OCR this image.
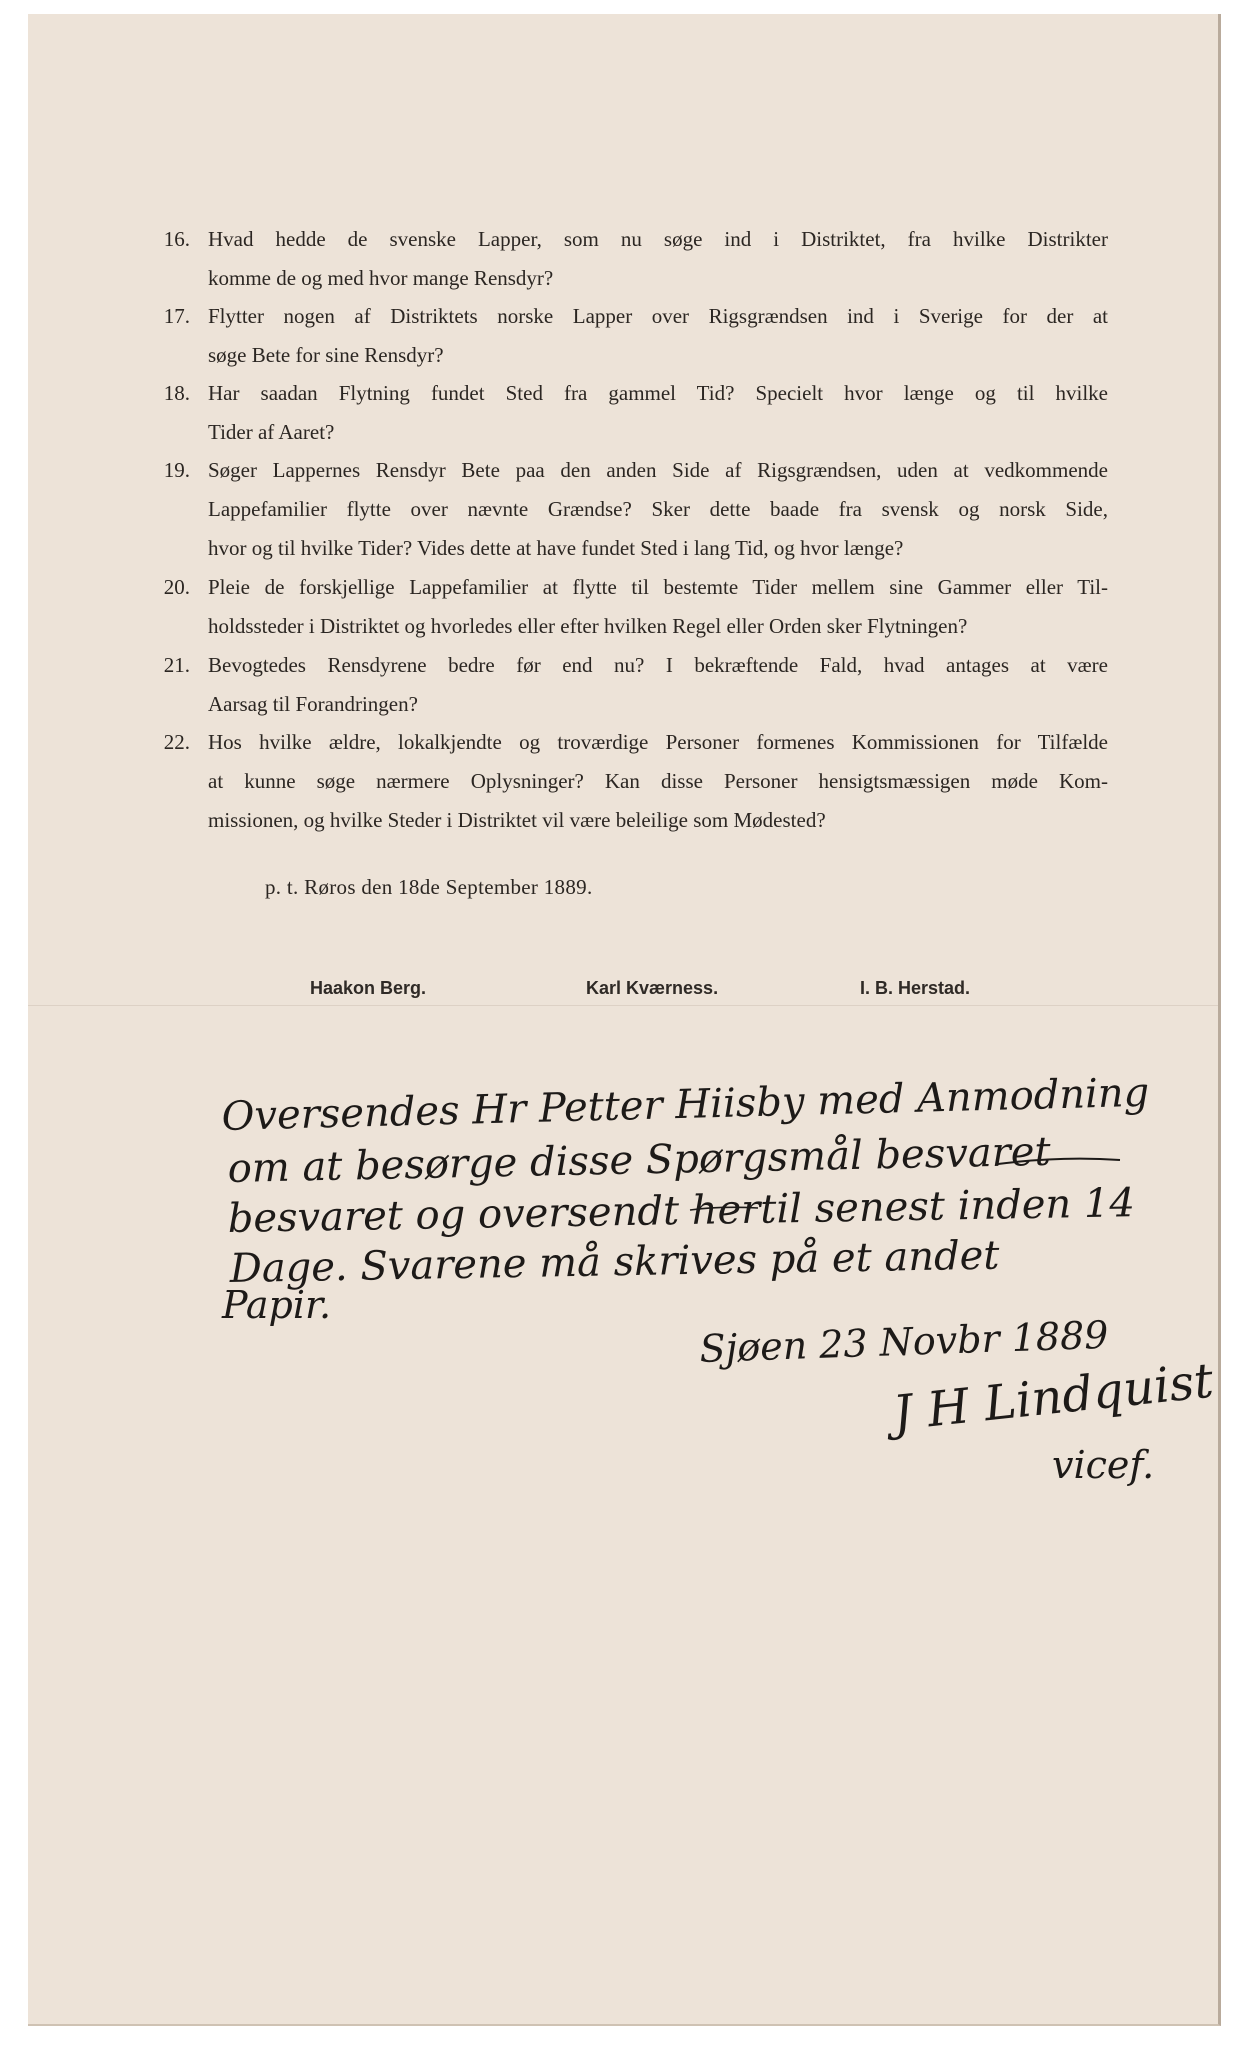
16. Hvad hedde de svenske Lapper, som nu søge ind i Distriktet, fra hvilke Distrikter
komme de og med hvor mange Rensdyr?
17. Flytter nogen af Distriktets norske Lapper over Rigsgrændsen ind i Sverige for der at
søge Bete for sine Rensdyr?
18. Har saadan Flytning fundet Sted fra gammel Tid? Specielt hvor længe og til hvilke
Tider af Aaret?
19. Søger Lappernes Rensdyr Bete paa den anden Side af Rigsgrændsen, uden at vedkommende
Lappefamilier flytte over nævnte Grændse? Sker dette baade fra svensk og norsk Side,
hvor og til hvilke Tider? Vides dette at have fundet Sted i lang Tid, og hvor længe?
20. Pleie de forskjellige Lappefamilier at flytte til bestemte Tider mellem sine Gammer eller Til-
holdssteder i Distriktet og hvorledes eller efter hvilken Regel eller Orden sker Flytningen?
21. Bevogtedes Rensdyrene bedre før end nu? I bekræftende Fald, hvad antages at være
Aarsag til Forandringen?
22. Hos hvilke ældre, lokalkjendte og troværdige Personer formenes Kommissionen for Tilfælde
at kunne søge nærmere Oplysninger? Kan disse Personer hensigtsmæssigen møde Kom-
missionen, og hvilke Steder i Distriktet vil være beleilige som Mødested?
p. t. Røros den 18de September 1889.
Haakon Berg.	Karl Kværness.	I. B. Herstad.
Oversendes Hr Petter Hiisby med Anmodning
om at besørge disse Spørgsmål besvaret
besvaret og oversendt hertil senest inden 14
Dage. Svarene må skrives på et andet
Papir.
Sjøen 23 Novbr 1889
J H Lindquist
vicef.
